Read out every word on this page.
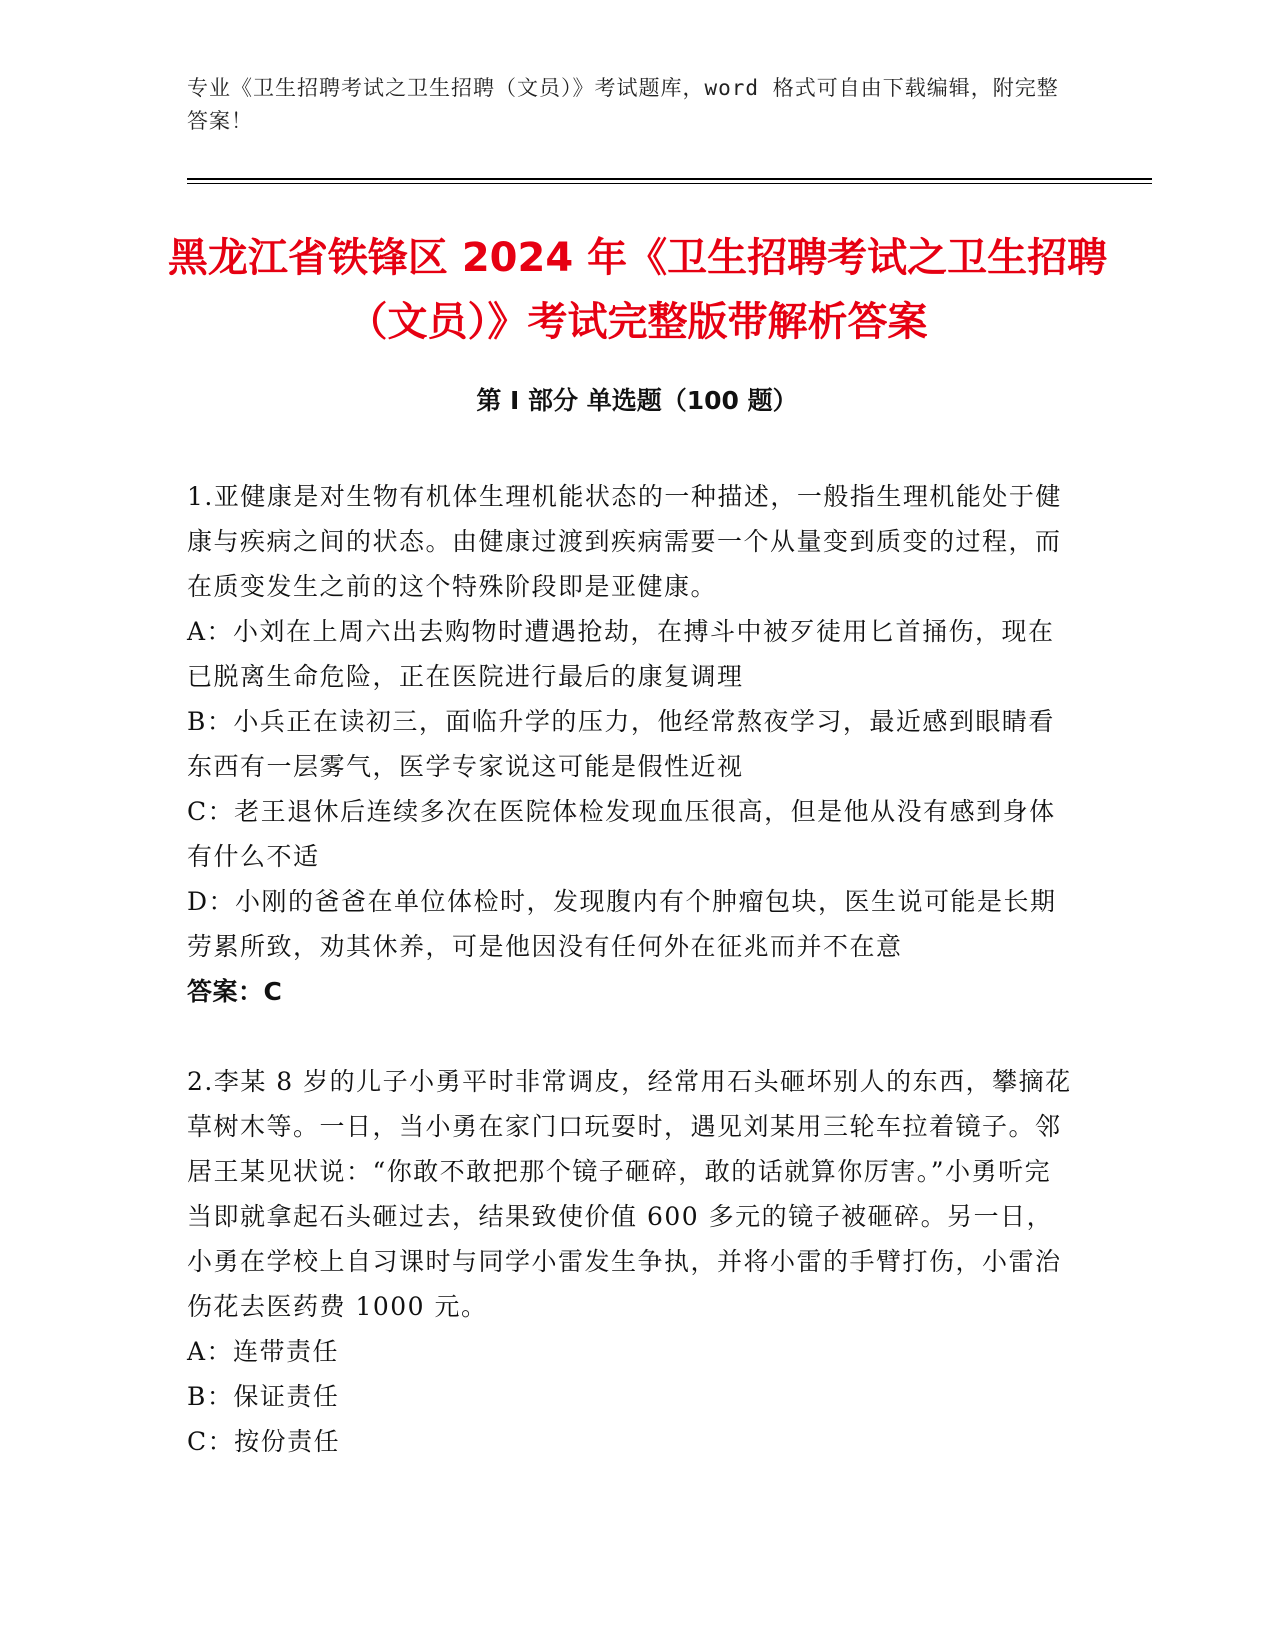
专业《卫生招聘考试之卫生招聘（文员）》考试题库，word 格式可自由下载编辑，附完整答案！
黑龙江省铁锋区 2024 年《卫生招聘考试之卫生招聘（文员）》考试完整版带解析答案
第 I 部分 单选题（100 题）

1.亚健康是对生物有机体生理机能状态的一种描述，一般指生理机能处于健康与疾病之间的状态。由健康过渡到疾病需要一个从量变到质变的过程，而在质变发生之前的这个特殊阶段即是亚健康。

A：小刘在上周六出去购物时遭遇抢劫，在搏斗中被歹徒用匕首捅伤，现在已脱离生命危险，正在医院进行最后的康复调理

B：小兵正在读初三，面临升学的压力，他经常熬夜学习，最近感到眼睛看东西有一层雾气，医学专家说这可能是假性近视

C：老王退休后连续多次在医院体检发现血压很高，但是他从没有感到身体有什么不适

D：小刚的爸爸在单位体检时，发现腹内有个肿瘤包块，医生说可能是长期劳累所致，劝其休养，可是他因没有任何外在征兆而并不在意

答案：C

2.李某 8 岁的儿子小勇平时非常调皮，经常用石头砸坏别人的东西，攀摘花草树木等。一日，当小勇在家门口玩耍时，遇见刘某用三轮车拉着镜子。邻居王某见状说：“你敢不敢把那个镜子砸碎，敢的话就算你厉害。”小勇听完当即就拿起石头砸过去，结果致使价值 600 多元的镜子被砸碎。另一日，小勇在学校上自习课时与同学小雷发生争执，并将小雷的手臂打伤，小雷治伤花去医药费 1000 元。

A：连带责任

B：保证责任

C：按份责任
